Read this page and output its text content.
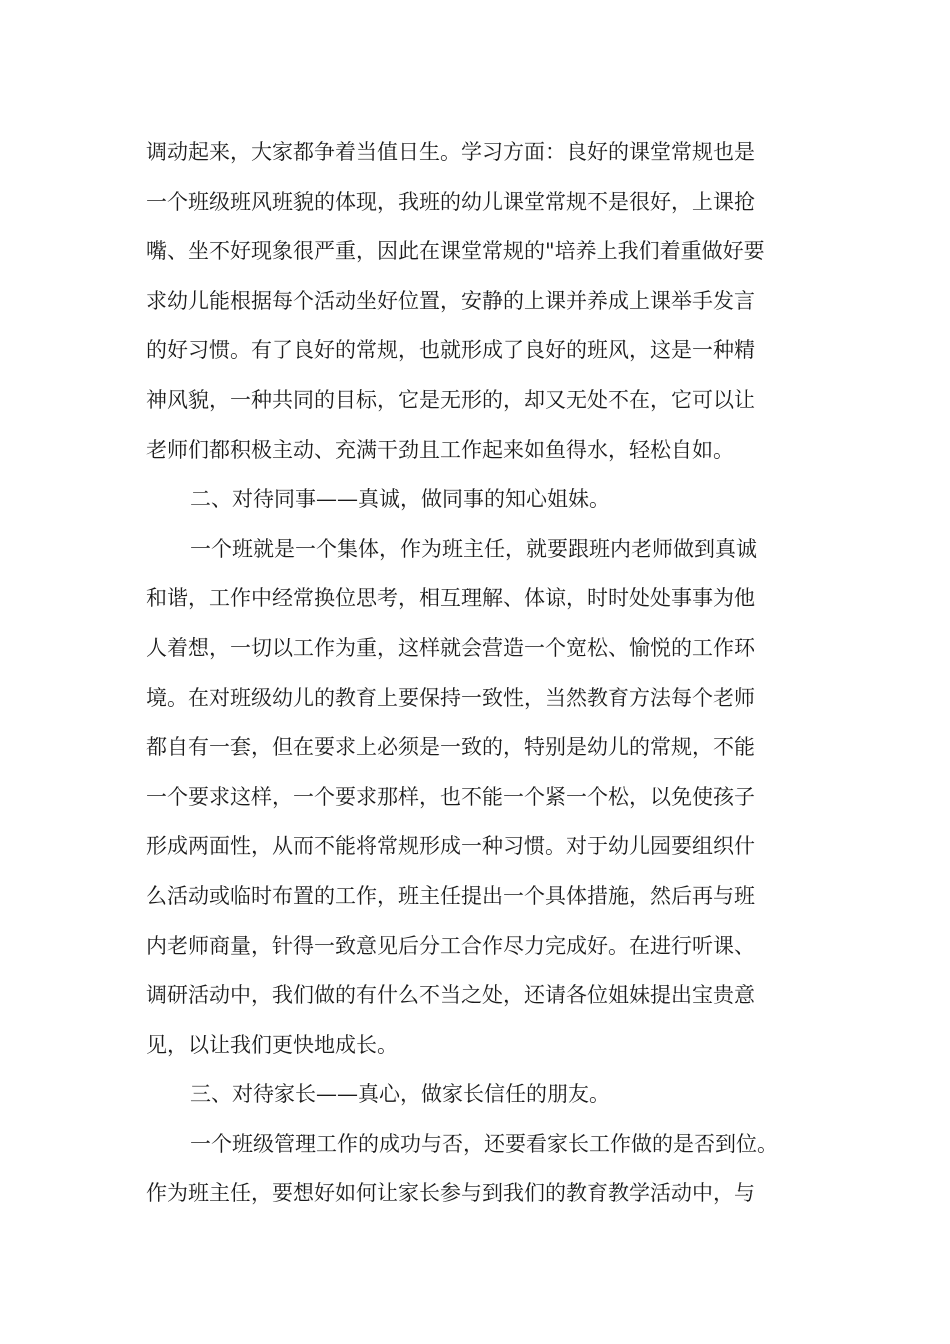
调动起来，大家都争着当值日生。学习方面：良好的课堂常规也是
一个班级班风班貌的体现，我班的幼儿课堂常规不是很好，上课抢
嘴、坐不好现象很严重，因此在课堂常规的"培养上我们着重做好要
求幼儿能根据每个活动坐好位置，安静的上课并养成上课举手发言
的好习惯。有了良好的常规，也就形成了良好的班风，这是一种精
神风貌，一种共同的目标，它是无形的，却又无处不在，它可以让
老师们都积极主动、充满干劲且工作起来如鱼得水，轻松自如。
二、对待同事——真诚，做同事的知心姐妹。
一个班就是一个集体，作为班主任，就要跟班内老师做到真诚
和谐，工作中经常换位思考，相互理解、体谅，时时处处事事为他
人着想，一切以工作为重，这样就会营造一个宽松、愉悦的工作环
境。在对班级幼儿的教育上要保持一致性，当然教育方法每个老师
都自有一套，但在要求上必须是一致的，特别是幼儿的常规，不能
一个要求这样，一个要求那样，也不能一个紧一个松，以免使孩子
形成两面性，从而不能将常规形成一种习惯。对于幼儿园要组织什
么活动或临时布置的工作，班主任提出一个具体措施，然后再与班
内老师商量，针得一致意见后分工合作尽力完成好。在进行听课、
调研活动中，我们做的有什么不当之处，还请各位姐妹提出宝贵意
见，以让我们更快地成长。
三、对待家长——真心，做家长信任的朋友。
一个班级管理工作的成功与否，还要看家长工作做的是否到位。
作为班主任，要想好如何让家长参与到我们的教育教学活动中，与
